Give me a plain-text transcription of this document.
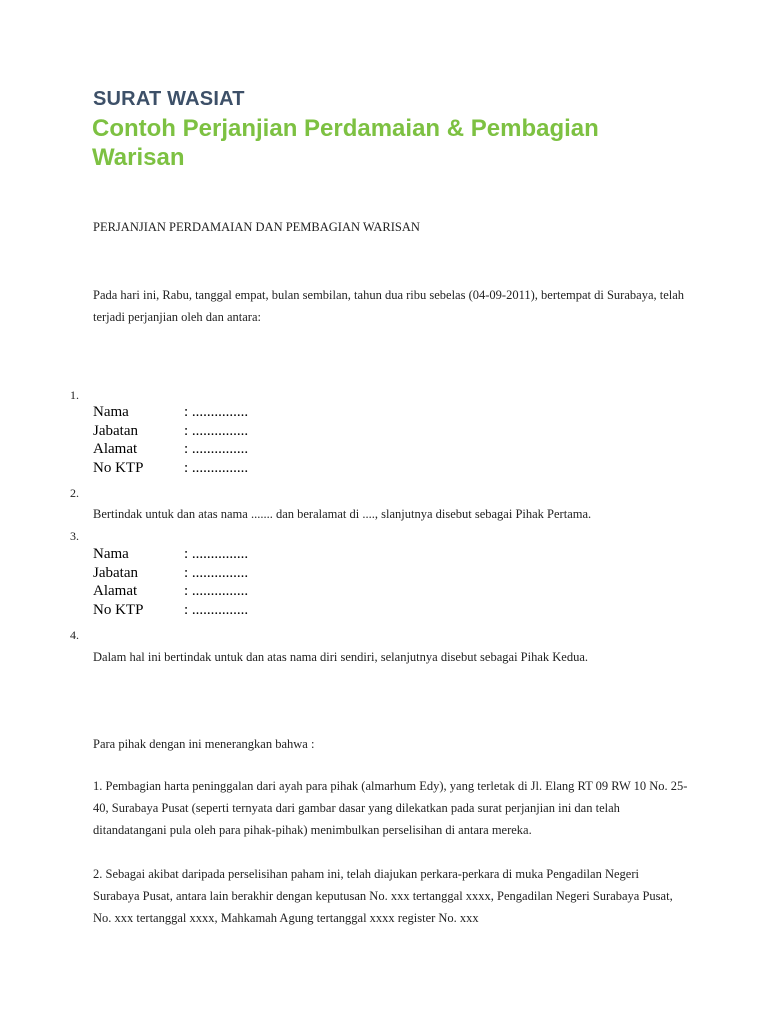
SURAT WASIAT
Contoh Perjanjian Perdamaian & Pembagian Warisan
PERJANJIAN PERDAMAIAN DAN PEMBAGIAN WARISAN
Pada hari ini, Rabu, tanggal empat, bulan sembilan, tahun dua ribu sebelas (04-09-2011), bertempat di Surabaya, telah terjadi perjanjian oleh dan antara:
1.
Nama	: ...............
Jabatan	: ...............
Alamat	: ...............
No KTP	: ...............
2.
Bertindak untuk dan atas nama ....... dan beralamat di ...., slanjutnya disebut sebagai Pihak Pertama.
3.
Nama	: ...............
Jabatan	: ...............
Alamat	: ...............
No KTP	: ...............
4.
Dalam hal ini bertindak untuk dan atas nama diri sendiri, selanjutnya disebut sebagai Pihak Kedua.
Para pihak dengan ini menerangkan bahwa :
1. Pembagian harta peninggalan dari ayah para pihak (almarhum Edy), yang terletak di Jl. Elang RT 09 RW 10 No. 25-40, Surabaya Pusat (seperti ternyata dari gambar dasar yang dilekatkan pada surat perjanjian ini dan telah ditandatangani pula oleh para pihak-pihak) menimbulkan perselisihan di antara mereka.
2. Sebagai akibat daripada perselisihan paham ini, telah diajukan perkara-perkara di muka Pengadilan Negeri Surabaya Pusat, antara lain berakhir dengan keputusan No. xxx tertanggal xxxx, Pengadilan Negeri Surabaya Pusat, No. xxx tertanggal xxxx, Mahkamah Agung tertanggal xxxx register No. xxx
